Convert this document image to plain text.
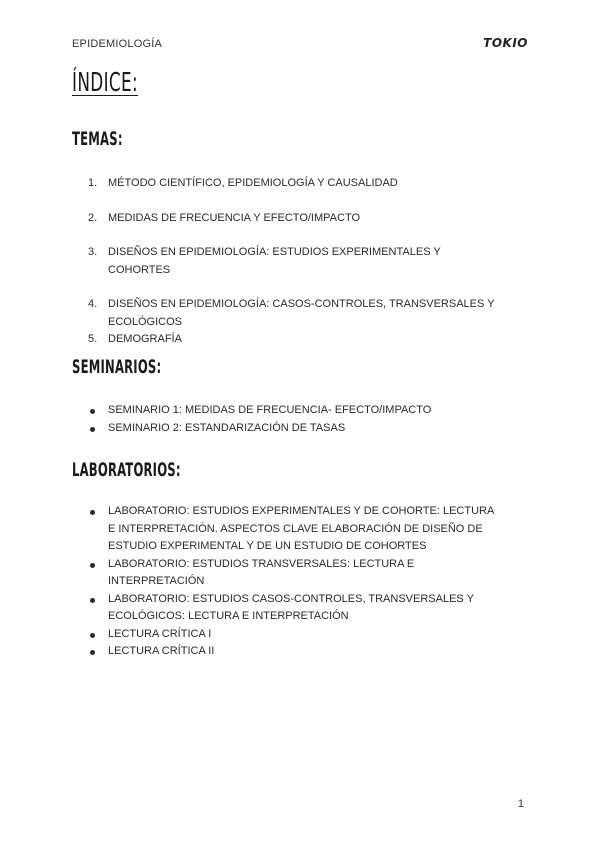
EPIDEMIOLOGÍA	TOKIO
ÍNDICE:
TEMAS:
1. MÉTODO CIENTÍFICO, EPIDEMIOLOGÍA Y CAUSALIDAD
2. MEDIDAS DE FRECUENCIA Y EFECTO/IMPACTO
3. DISEÑOS EN EPIDEMIOLOGÍA: ESTUDIOS EXPERIMENTALES Y COHORTES
4. DISEÑOS EN EPIDEMIOLOGÍA: CASOS-CONTROLES, TRANSVERSALES Y ECOLÓGICOS
5. DEMOGRAFÍA
SEMINARIOS:
SEMINARIO 1: MEDIDAS DE FRECUENCIA- EFECTO/IMPACTO
SEMINARIO 2: ESTANDARIZACIÓN DE TASAS
LABORATORIOS:
LABORATORIO: ESTUDIOS EXPERIMENTALES Y DE COHORTE: LECTURA E INTERPRETACIÓN. ASPECTOS CLAVE ELABORACIÓN DE DISEÑO DE ESTUDIO EXPERIMENTAL Y DE UN ESTUDIO DE COHORTES
LABORATORIO: ESTUDIOS TRANSVERSALES: LECTURA E INTERPRETACIÓN
LABORATORIO: ESTUDIOS CASOS-CONTROLES, TRANSVERSALES Y ECOLÓGICOS: LECTURA E INTERPRETACIÓN
LECTURA CRÍTICA I
LECTURA CRÍTICA II
1
